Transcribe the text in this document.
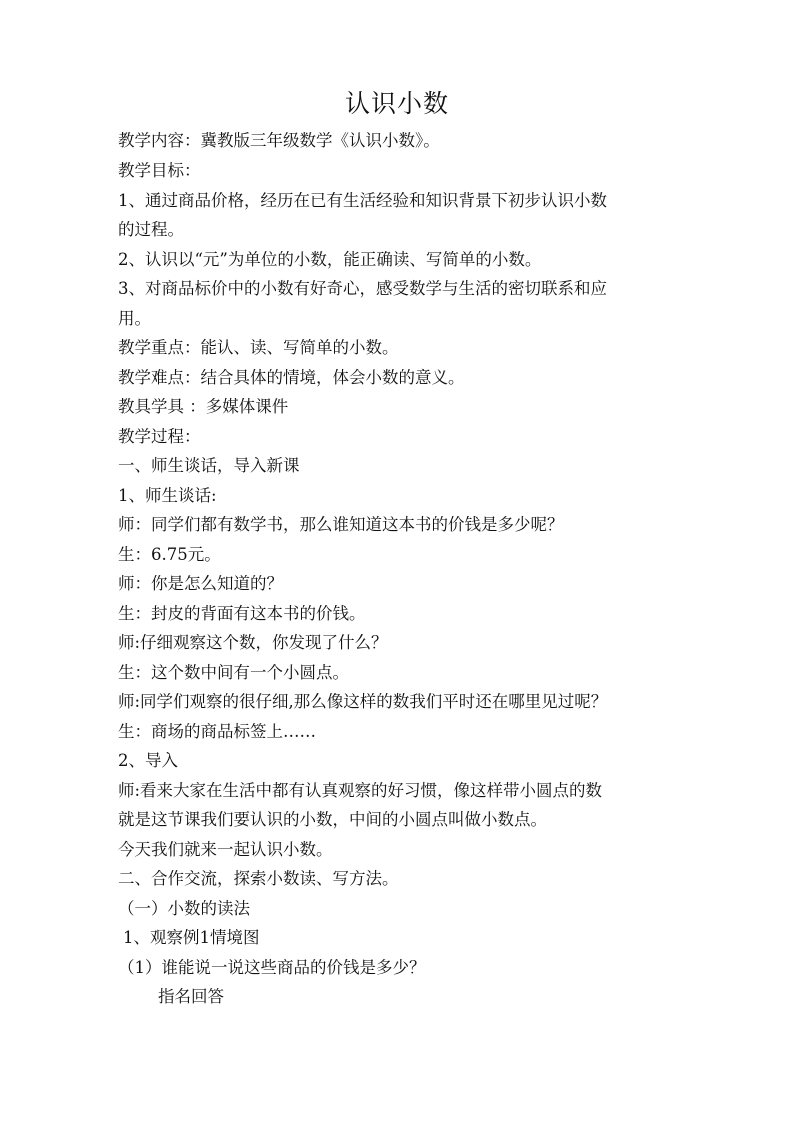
认识小数
教学内容：冀教版三年级数学《认识小数》。
教学目标：
1、通过商品价格，经历在已有生活经验和知识背景下初步认识小数
的过程。
2、认识以“元”为单位的小数，能正确读、写简单的小数。
3、对商品标价中的小数有好奇心，感受数学与生活的密切联系和应
用。
教学重点：能认、读、写简单的小数。
教学难点：结合具体的情境，体会小数的意义。
教具学具 ：多媒体课件
教学过程：
一、师生谈话，导入新课
1、师生谈话:
师：同学们都有数学书，那么谁知道这本书的价钱是多少呢？
生：6.75元。
师：你是怎么知道的？
生：封皮的背面有这本书的价钱。
师:仔细观察这个数，你发现了什么？
生：这个数中间有一个小圆点。
师:同学们观察的很仔细,那么像这样的数我们平时还在哪里见过呢？
生：商场的商品标签上……
2、导入
师:看来大家在生活中都有认真观察的好习惯，像这样带小圆点的数
就是这节课我们要认识的小数，中间的小圆点叫做小数点。
今天我们就来一起认识小数。
二、合作交流，探索小数读、写方法。
（一）小数的读法
1、观察例1情境图
（1）谁能说一说这些商品的价钱是多少？
指名回答
